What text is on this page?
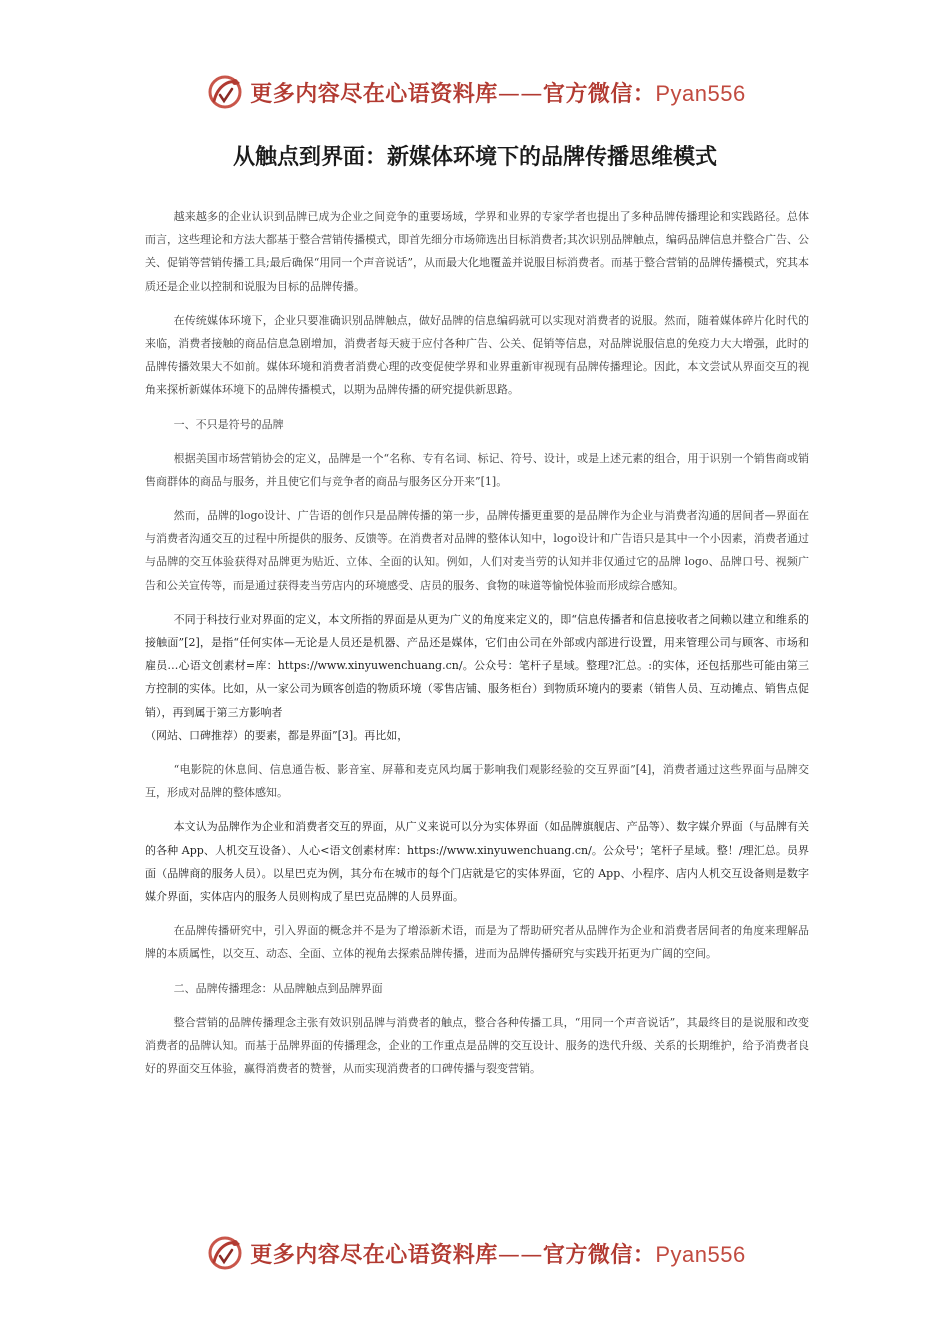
更多内容尽在心语资料库——官方微信：Pyan556
从触点到界面：新媒体环境下的品牌传播思维模式

越来越多的企业认识到品牌已成为企业之间竞争的重要场域，学界和业界的专家学者也提出了多种品牌传播理论和实践路径。总体而言，这些理论和方法大都基于整合营销传播模式，即首先细分市场筛选出目标消费者;其次识别品牌触点，编码品牌信息并整合广告、公关、促销等营销传播工具;最后确保“用同一个声音说话”，从而最大化地覆盖并说服目标消费者。而基于整合营销的品牌传播模式，究其本质还是企业以控制和说服为目标的品牌传播。

在传统媒体环境下，企业只要准确识别品牌触点，做好品牌的信息编码就可以实现对消费者的说服。然而，随着媒体碎片化时代的来临，消费者接触的商品信息急剧增加，消费者每天疲于应付各种广告、公关、促销等信息，对品牌说服信息的免疫力大大增强，此时的品牌传播效果大不如前。媒体环境和消费者消费心理的改变促使学界和业界重新审视现有品牌传播理论。因此，本文尝试从界面交互的视角来探析新媒体环境下的品牌传播模式，以期为品牌传播的研究提供新思路。

一、不只是符号的品牌

根据美国市场营销协会的定义，品牌是一个“名称、专有名词、标记、符号、设计，或是上述元素的组合，用于识别一个销售商或销售商群体的商品与服务，并且使它们与竞争者的商品与服务区分开来”[1]。

然而，品牌的logo设计、广告语的创作只是品牌传播的第一步，品牌传播更重要的是品牌作为企业与消费者沟通的居间者—界面在与消费者沟通交互的过程中所提供的服务、反馈等。在消费者对品牌的整体认知中，logo设计和广告语只是其中一个小因素，消费者通过与品牌的交互体验获得对品牌更为贴近、立体、全面的认知。例如，人们对麦当劳的认知并非仅通过它的品牌 logo、品牌口号、视频广告和公关宣传等，而是通过获得麦当劳店内的环境感受、店员的服务、食物的味道等愉悦体验而形成综合感知。

不同于科技行业对界面的定义，本文所指的界面是从更为广义的角度来定义的，即“信息传播者和信息接收者之间赖以建立和维系的接触面”[2]，是指“任何实体—无论是人员还是机器、产品还是媒体，它们由公司在外部或内部进行设置，用来管理公司与顾客、市场和雇员…心语文创素材=库：https://www.xinyuwenchuang.cn/。公众号：笔杆子星域。整理?汇总。:的实体，还包括那些可能由第三方控制的实体。比如，从一家公司为顾客创造的物质环境（零售店铺、服务柜台）到物质环境内的要素（销售人员、互动摊点、销售点促销），再到属于第三方影响者

（网站、口碑推荐）的要素，都是界面”[3]。再比如，

“电影院的休息间、信息通告板、影音室、屏幕和麦克风均属于影响我们观影经验的交互界面”[4]，消费者通过这些界面与品牌交互，形成对品牌的整体感知。

本文认为品牌作为企业和消费者交互的界面，从广义来说可以分为实体界面（如品牌旗舰店、产品等）、数字媒介界面（与品牌有关的各种 App、人机交互设备）、人心<语文创素材库：https://www.xinyuwenchuang.cn/。公众号'；笔杆子星域。整！/理汇总。员界面（品牌商的服务人员）。以星巴克为例，其分布在城市的每个门店就是它的实体界面，它的 App、小程序、店内人机交互设备则是数字媒介界面，实体店内的服务人员则构成了星巴克品牌的人员界面。

在品牌传播研究中，引入界面的概念并不是为了增添新术语，而是为了帮助研究者从品牌作为企业和消费者居间者的角度来理解品牌的本质属性，以交互、动态、全面、立体的视角去探索品牌传播，进而为品牌传播研究与实践开拓更为广阔的空间。

二、品牌传播理念：从品牌触点到品牌界面

整合营销的品牌传播理念主张有效识别品牌与消费者的触点，整合各种传播工具，“用同一个声音说话”，其最终目的是说服和改变消费者的品牌认知。而基于品牌界面的传播理念，企业的工作重点是品牌的交互设计、服务的迭代升级、关系的长期维护，给予消费者良好的界面交互体验，赢得消费者的赞誉，从而实现消费者的口碑传播与裂变营销。

更多内容尽在心语资料库——官方微信：Pyan556
